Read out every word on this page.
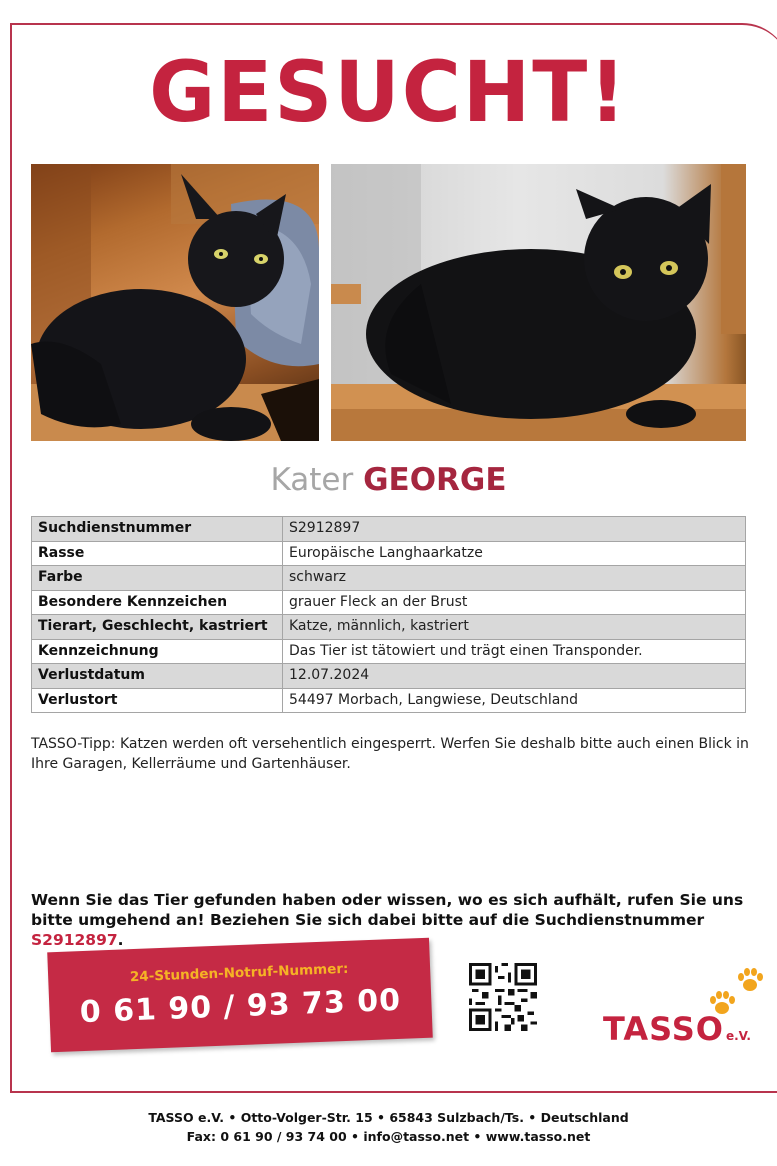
GESUCHT!
Kater GEORGE
Suchdienstnummer	S2912897
Rasse	Europäische Langhaarkatze
Farbe	schwarz
Besondere Kennzeichen	grauer Fleck an der Brust
Tierart, Geschlecht, kastriert	Katze, männlich, kastriert
Kennzeichnung	Das Tier ist tätowiert und trägt einen Transponder.
Verlustdatum	12.07.2024
Verlustort	54497 Morbach, Langwiese, Deutschland
TASSO-Tipp: Katzen werden oft versehentlich eingesperrt. Werfen Sie deshalb bitte auch einen Blick in Ihre Garagen, Kellerräume und Gartenhäuser.
Wenn Sie das Tier gefunden haben oder wissen, wo es sich aufhält, rufen Sie uns bitte umgehend an! Beziehen Sie sich dabei bitte auf die Suchdienstnummer S2912897.
24-Stunden-Notruf-Nummer:
0 61 90 / 93 73 00	TASSO e.V.
TASSO e.V. • Otto-Volger-Str. 15 • 65843 Sulzbach/Ts. • Deutschland
Fax: 0 61 90 / 93 74 00 • info@tasso.net • www.tasso.net
